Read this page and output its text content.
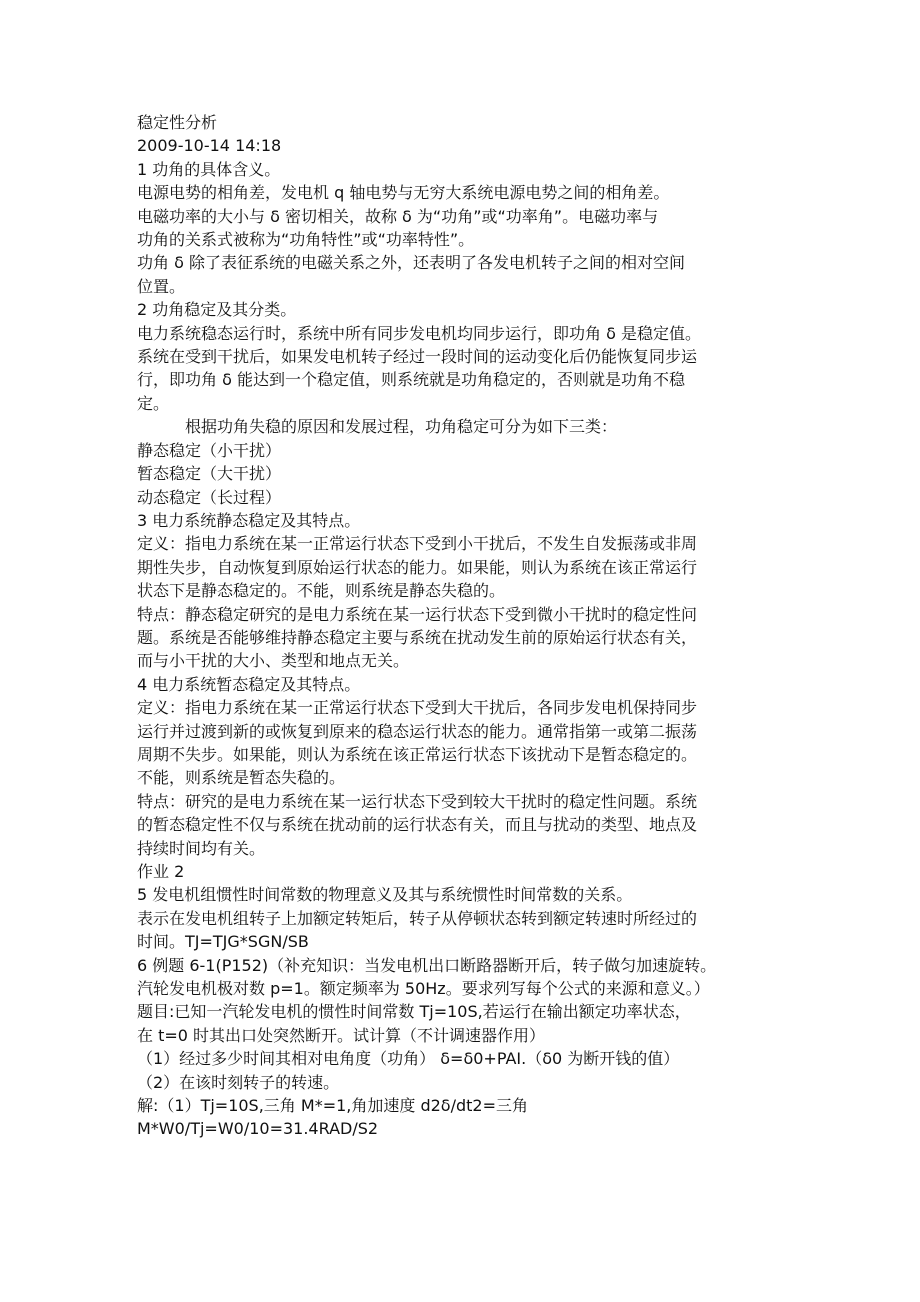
稳定性分析
2009-10-14 14:18
1 功角的具体含义。
电源电势的相角差，发电机 q 轴电势与无穷大系统电源电势之间的相角差。
电磁功率的大小与 δ 密切相关，故称 δ 为“功角”或“功率角”。电磁功率与
功角的关系式被称为“功角特性”或“功率特性”。
功角 δ 除了表征系统的电磁关系之外，还表明了各发电机转子之间的相对空间
位置。
2 功角稳定及其分类。
电力系统稳态运行时，系统中所有同步发电机均同步运行，即功角 δ 是稳定值。
系统在受到干扰后，如果发电机转子经过一段时间的运动变化后仍能恢复同步运
行，即功角 δ 能达到一个稳定值，则系统就是功角稳定的，否则就是功角不稳
定。
根据功角失稳的原因和发展过程，功角稳定可分为如下三类：
静态稳定（小干扰）
暂态稳定（大干扰）
动态稳定（长过程）
3 电力系统静态稳定及其特点。
定义：指电力系统在某一正常运行状态下受到小干扰后，不发生自发振荡或非周
期性失步，自动恢复到原始运行状态的能力。如果能，则认为系统在该正常运行
状态下是静态稳定的。不能，则系统是静态失稳的。
特点：静态稳定研究的是电力系统在某一运行状态下受到微小干扰时的稳定性问
题。系统是否能够维持静态稳定主要与系统在扰动发生前的原始运行状态有关，
而与小干扰的大小、类型和地点无关。
4 电力系统暂态稳定及其特点。
定义：指电力系统在某一正常运行状态下受到大干扰后，各同步发电机保持同步
运行并过渡到新的或恢复到原来的稳态运行状态的能力。通常指第一或第二振荡
周期不失步。如果能，则认为系统在该正常运行状态下该扰动下是暂态稳定的。
不能，则系统是暂态失稳的。
特点：研究的是电力系统在某一运行状态下受到较大干扰时的稳定性问题。系统
的暂态稳定性不仅与系统在扰动前的运行状态有关，而且与扰动的类型、地点及
持续时间均有关。
作业 2
5 发电机组惯性时间常数的物理意义及其与系统惯性时间常数的关系。
表示在发电机组转子上加额定转矩后，转子从停顿状态转到额定转速时所经过的
时间。TJ=TJG*SGN/SB
6 例题 6-1(P152)（补充知识：当发电机出口断路器断开后，转子做匀加速旋转。
汽轮发电机极对数 p=1。额定频率为 50Hz。要求列写每个公式的来源和意义。）
题目:已知一汽轮发电机的惯性时间常数 Tj=10S,若运行在输出额定功率状态，
在 t=0 时其出口处突然断开。试计算（不计调速器作用）
（1）经过多少时间其相对电角度（功角） δ=δ0+PAI.（δ0 为断开钱的值）
（2）在该时刻转子的转速。
解:（1）Tj=10S,三角 M*=1,角加速度 d2δ/dt2=三角
M*W0/Tj=W0/10=31.4RAD/S2
